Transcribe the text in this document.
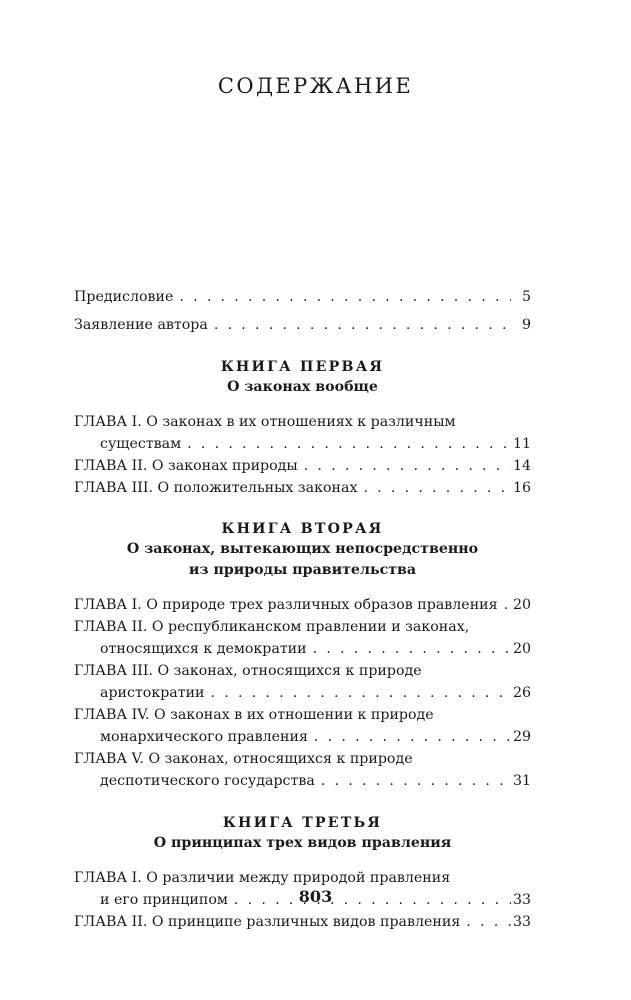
СОДЕРЖАНИЕ
Предисловие . . .	5
Заявление автора . . .	9
КНИГА ПЕРВАЯ
О законах вообще
ГЛАВА I. О законах в их отношениях к различным
существам . . .	11
ГЛАВА II. О законах природы . . .	14
ГЛАВА III. О положительных законах . . .	16
КНИГА ВТОРАЯ
О законах, вытекающих непосредственно
из природы правительства
ГЛАВА I. О природе трех различных образов правления . . . 20
ГЛАВА II. О республиканском правлении и законах,
относящихся к демократии . . .	20
ГЛАВА III. О законах, относящихся к природе
аристократии . . .	26
ГЛАВА IV. О законах в их отношении к природе
монархического правления . . .	29
ГЛАВА V. О законах, относящихся к природе
деспотического государства . . .	31
КНИГА ТРЕТЬЯ
О принципах трех видов правления
ГЛАВА I. О различии между природой правления
и его принципом . . .	33
ГЛАВА II. О принципе различных видов правления . . .	33
803
